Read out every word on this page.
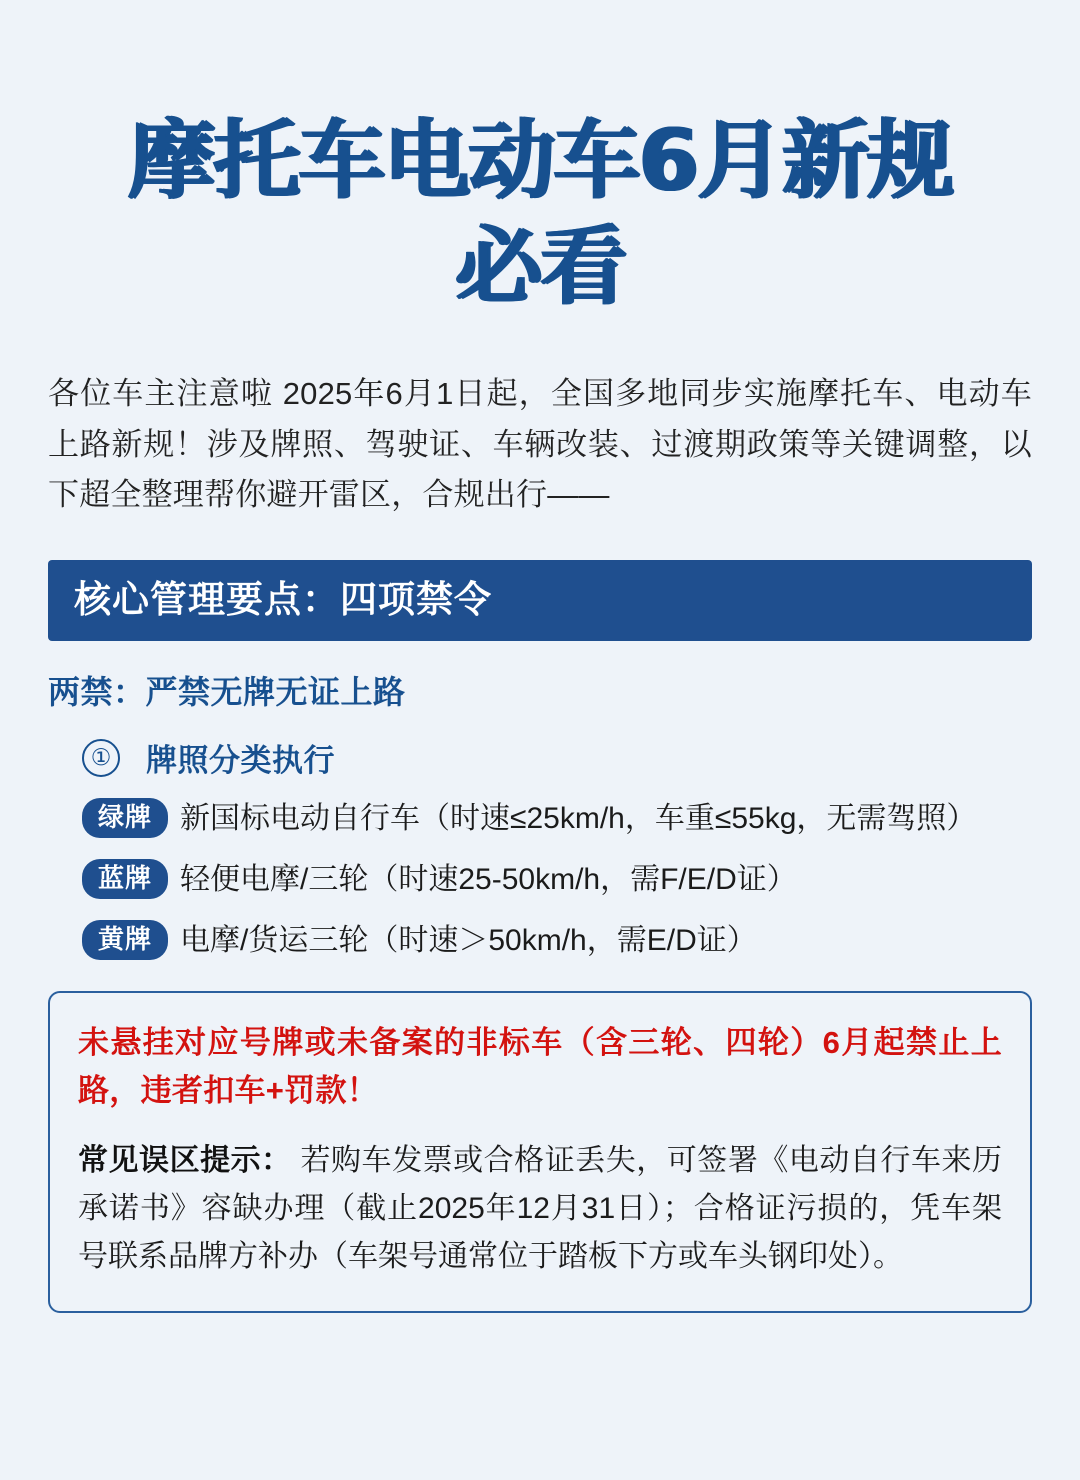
摩托车电动车6月新规
必看

各位车主注意啦 2025年6月1日起，全国多地同步实施摩托车、电动车上路新规！涉及牌照、驾驶证、车辆改装、过渡期政策等关键调整，以下超全整理帮你避开雷区，合规出行——

核心管理要点：四项禁令
两禁：严禁无牌无证上路
① 牌照分类执行
绿牌 新国标电动自行车（时速≤25km/h，车重≤55kg，无需驾照）
蓝牌 轻便电摩/三轮（时速25-50km/h，需F/E/D证）
黄牌 电摩/货运三轮（时速＞50km/h，需E/D证）
未悬挂对应号牌或未备案的非标车（含三轮、四轮）6月起禁止上路，违者扣车+罚款！
常见误区提示： 若购车发票或合格证丢失，可签署《电动自行车来历承诺书》容缺办理（截止2025年12月31日）；合格证污损的，凭车架号联系品牌方补办（车架号通常位于踏板下方或车头钢印处）。
